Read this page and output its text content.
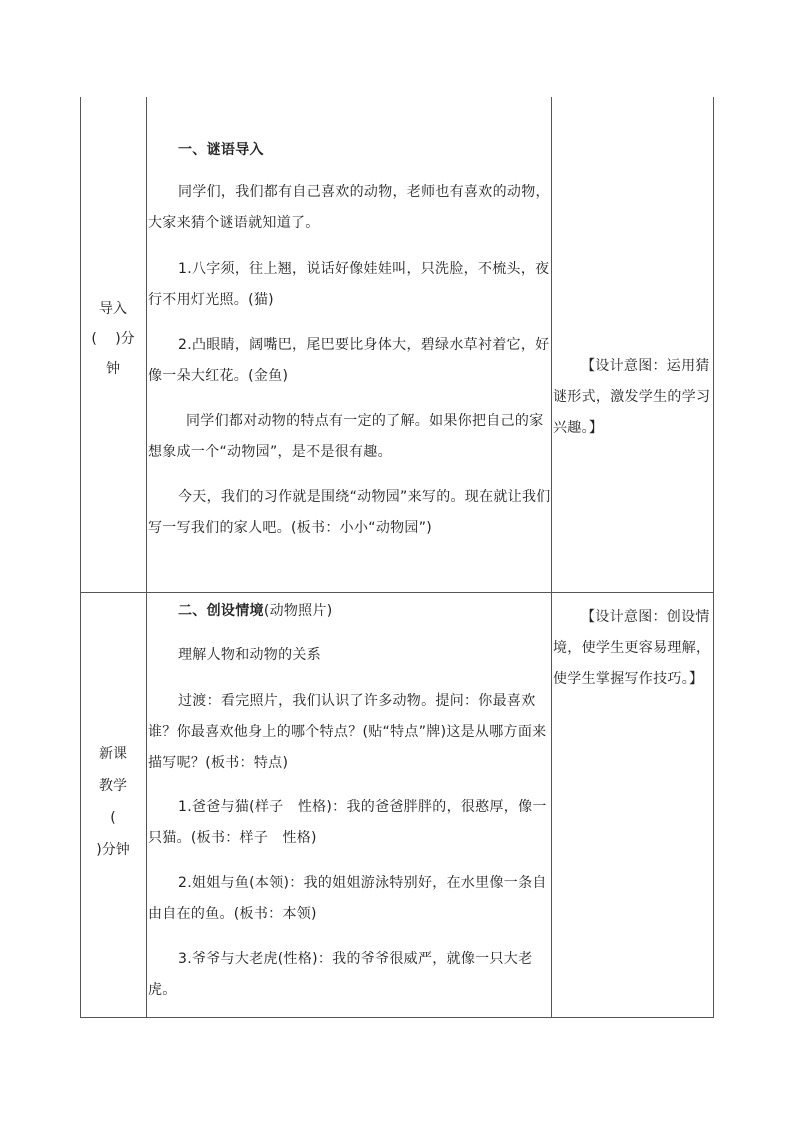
导入
(　 )分
钟

一、谜语导入

同学们，我们都有自己喜欢的动物，老师也有喜欢的动物，大家来猜个谜语就知道了。

1.八字须，往上翘，说话好像娃娃叫，只洗脸，不梳头，夜行不用灯光照。(猫)

2.凸眼睛，阔嘴巴，尾巴要比身体大，碧绿水草衬着它，好像一朵大红花。(金鱼)

同学们都对动物的特点有一定的了解。如果你把自己的家想象成一个“动物园”，是不是很有趣。

今天，我们的习作就是围绕“动物园”来写的。现在就让我们写一写我们的家人吧。(板书：小小“动物园”)

【设计意图：运用猜谜形式，激发学生的学习兴趣。】

新课
教学
(
)分钟

二、创设情境(动物照片)

理解人物和动物的关系

过渡：看完照片，我们认识了许多动物。提问：你最喜欢谁？你最喜欢他身上的哪个特点？(贴“特点”牌)这是从哪方面来描写呢？(板书：特点)

1.爸爸与猫(样子　性格)：我的爸爸胖胖的，很憨厚，像一只猫。(板书：样子　性格)

2.姐姐与鱼(本领)：我的姐姐游泳特别好，在水里像一条自由自在的鱼。(板书：本领)

3.爷爷与大老虎(性格)：我的爷爷很威严，就像一只大老虎。

【设计意图：创设情境，使学生更容易理解，使学生掌握写作技巧。】
